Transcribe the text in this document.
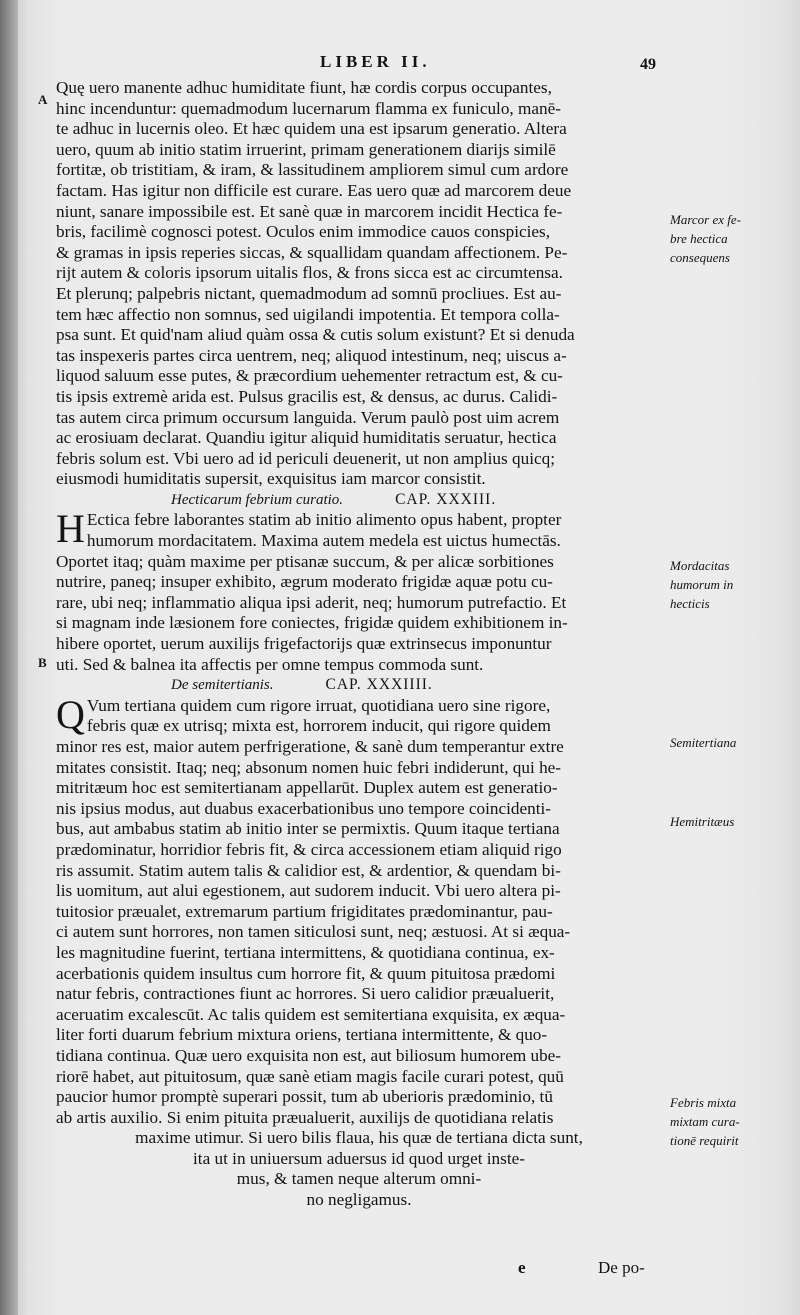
LIBER II.	49
A
B
Quę uero manente adhuc humiditate fiunt, hæ cordis corpus occupantes,
hinc incenduntur: quemadmodum lucernarum flamma ex funiculo, manē-
te adhuc in lucernis oleo. Et hæc quidem una est ipsarum generatio. Altera
uero, quum ab initio statim irruerint, primam generationem diarijs similē
fortitæ, ob tristitiam, & iram, & lassitudinem ampliorem simul cum ardore
factam. Has igitur non difficile est curare. Eas uero quæ ad marcorem deue
niunt, sanare impossibile est. Et sanè quæ in marcorem incidit Hectica fe-
bris, facilimè cognosci potest. Oculos enim immodice cauos conspicies,
& gramas in ipsis reperies siccas, & squallidam quandam affectionem. Pe-
rijt autem & coloris ipsorum uitalis flos, & frons sicca est ac circumtensa.
Et plerunq; palpebris nictant, quemadmodum ad somnū procliues. Est au-
tem hæc affectio non somnus, sed uigilandi impotentia. Et tempora colla-
psa sunt. Et quid'nam aliud quàm ossa & cutis solum existunt? Et si denuda
tas inspexeris partes circa uentrem, neq; aliquod intestinum, neq; uiscus a-
liquod saluum esse putes, & præcordium uehementer retractum est, & cu-
tis ipsis extremè arida est. Pulsus gracilis est, & densus, ac durus. Calidi-
tas autem circa primum occursum languida. Verum paulò post uim acrem
ac erosiuam declarat. Quandiu igitur aliquid humiditatis seruatur, hectica
febris solum est. Vbi uero ad id periculi deuenerit, ut non amplius quicq;
eiusmodi humiditatis supersit, exquisitus iam marcor consistit.
Hecticarum febrium curatio.	CAP. XXXIII.
H Ectica febre laborantes statim ab initio alimento opus habent, propter
humorum mordacitatem. Maxima autem medela est uictus humectās.
Oportet itaq; quàm maxime per ptisanæ succum, & per alicæ sorbitiones
nutrire, paneq; insuper exhibito, ægrum moderato frigidæ aquæ potu cu-
rare, ubi neq; inflammatio aliqua ipsi aderit, neq; humorum putrefactio. Et
si magnam inde læsionem fore coniectes, frigidæ quidem exhibitionem in-
hibere oportet, uerum auxilijs frigefactorijs quæ extrinsecus imponuntur
uti. Sed & balnea ita affectis per omne tempus commoda sunt.
De semitertianis.	CAP. XXXIIII.
Q Vum tertiana quidem cum rigore irruat, quotidiana uero sine rigore,
febris quæ ex utrisq; mixta est, horrorem inducit, qui rigore quidem
minor res est, maior autem perfrigeratione, & sanè dum temperantur extre
mitates consistit. Itaq; neq; absonum nomen huic febri indiderunt, qui he-
mitritæum hoc est semitertianam appellarūt. Duplex autem est generatio-
nis ipsius modus, aut duabus exacerbationibus uno tempore coincidenti-
bus, aut ambabus statim ab initio inter se permixtis. Quum itaque tertiana
prædominatur, horridior febris fit, & circa accessionem etiam aliquid rigo
ris assumit. Statim autem talis & calidior est, & ardentior, & quendam bi-
lis uomitum, aut alui egestionem, aut sudorem inducit. Vbi uero altera pi-
tuitosior præualet, extremarum partium frigiditates prædominantur, pau-
ci autem sunt horrores, non tamen siticulosi sunt, neq; æstuosi. At si æqua-
les magnitudine fuerint, tertiana intermittens, & quotidiana continua, ex-
acerbationis quidem insultus cum horrore fit, & quum pituitosa prædomi
natur febris, contractiones fiunt ac horrores. Si uero calidior præualuerit,
aceruatim excalescūt. Ac talis quidem est semitertiana exquisita, ex æqua-
liter forti duarum febrium mixtura oriens, tertiana intermittente, & quo-
tidiana continua. Quæ uero exquisita non est, aut biliosum humorem ube-
riorē habet, aut pituitosum, quæ sanè etiam magis facile curari potest, quū
paucior humor promptè superari possit, tum ab uberioris prædominio, tū
ab artis auxilio. Si enim pituita præualuerit, auxilijs de quotidiana relatis
maxime utimur. Si uero bilis flaua, his quæ de tertiana dicta sunt,
ita ut in uniuersum aduersus id quod urget inste-
mus, & tamen neque alterum omni-
no negligamus.
Marcor ex fe-
bre hectica
consequens
Mordacitas
humorum in
hecticis
Semitertiana
Hemitritæus
Febris mixta
mixtam cura-
tionē requirit
e	De po-
